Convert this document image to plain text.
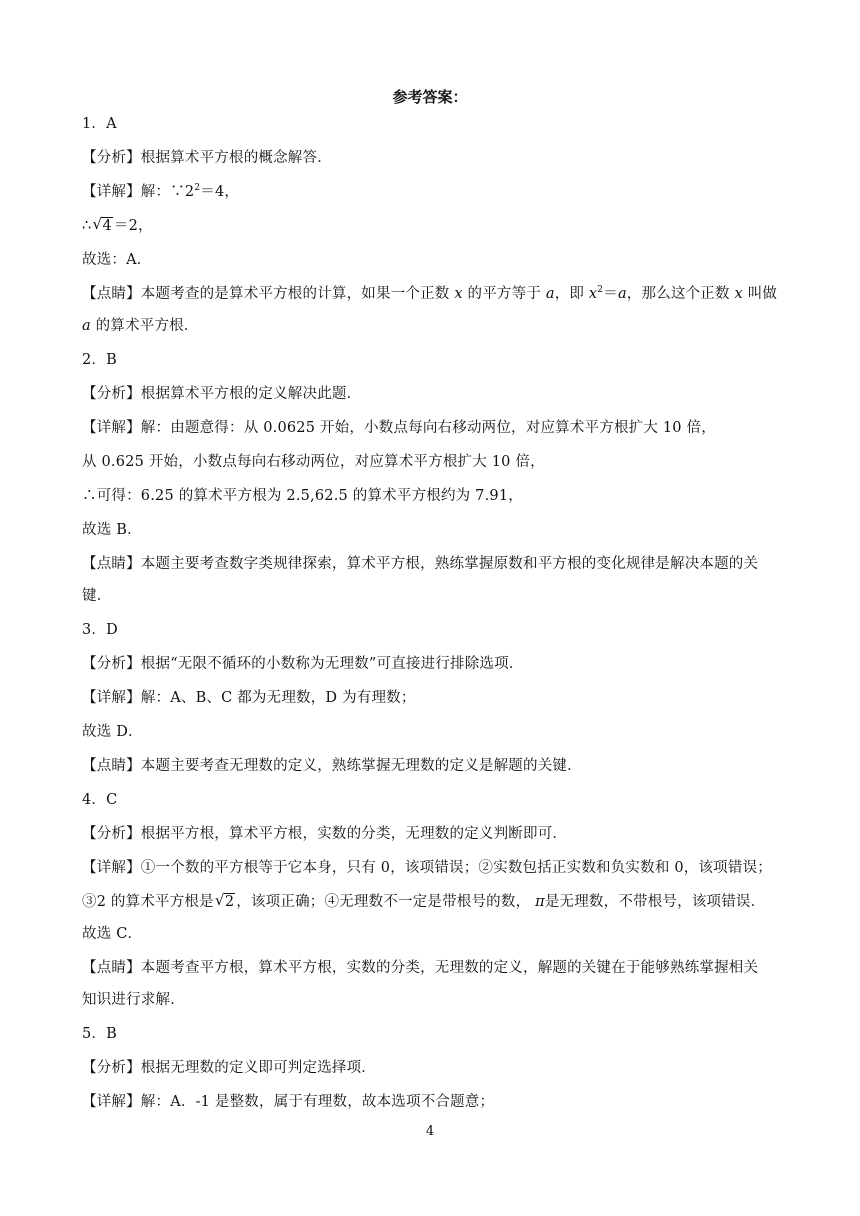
参考答案：
1．A
【分析】根据算术平方根的概念解答．
【详解】解：$\because 2^2=4$，
∴ √ 4 ＝2，
故选：A．
【点睛】本题考查的是算术平方根的计算，如果一个正数 x 的平方等于 a，即 $x^2=a$，那么这个正数 x 叫做
a 的算术平方根．
2．B
【分析】根据算术平方根的定义解决此题．
【详解】解：由题意得：从 0.0625 开始，小数点每向右移动两位，对应算术平方根扩大 10 倍，
从 0.625 开始，小数点每向右移动两位，对应算术平方根扩大 10 倍，
∴可得：6.25 的算术平方根为 2.5,62.5 的算术平方根约为 7.91，
故选 B．
【点睛】本题主要考查数字类规律探索，算术平方根，熟练掌握原数和平方根的变化规律是解决本题的关
键．
3．D
【分析】根据“无限不循环的小数称为无理数”可直接进行排除选项．
【详解】解：A、B、C 都为无理数，D 为有理数；
故选 D．
【点睛】本题主要考查无理数的定义，熟练掌握无理数的定义是解题的关键．
4．C
【分析】根据平方根，算术平方根，实数的分类，无理数的定义判断即可．
【详解】①一个数的平方根等于它本身，只有 0，该项错误；②实数包括正实数和负实数和 0，该项错误；
③2 的算术平方根是 √ 2 ，该项正确；④无理数不一定是带根号的数， π是无理数，不带根号，该项错误．
故选 C．
【点睛】本题考查平方根，算术平方根，实数的分类，无理数的定义，解题的关键在于能够熟练掌握相关
知识进行求解．
5．B
【分析】根据无理数的定义即可判定选择项．
【详解】解：A．-1 是整数，属于有理数，故本选项不合题意；
4
